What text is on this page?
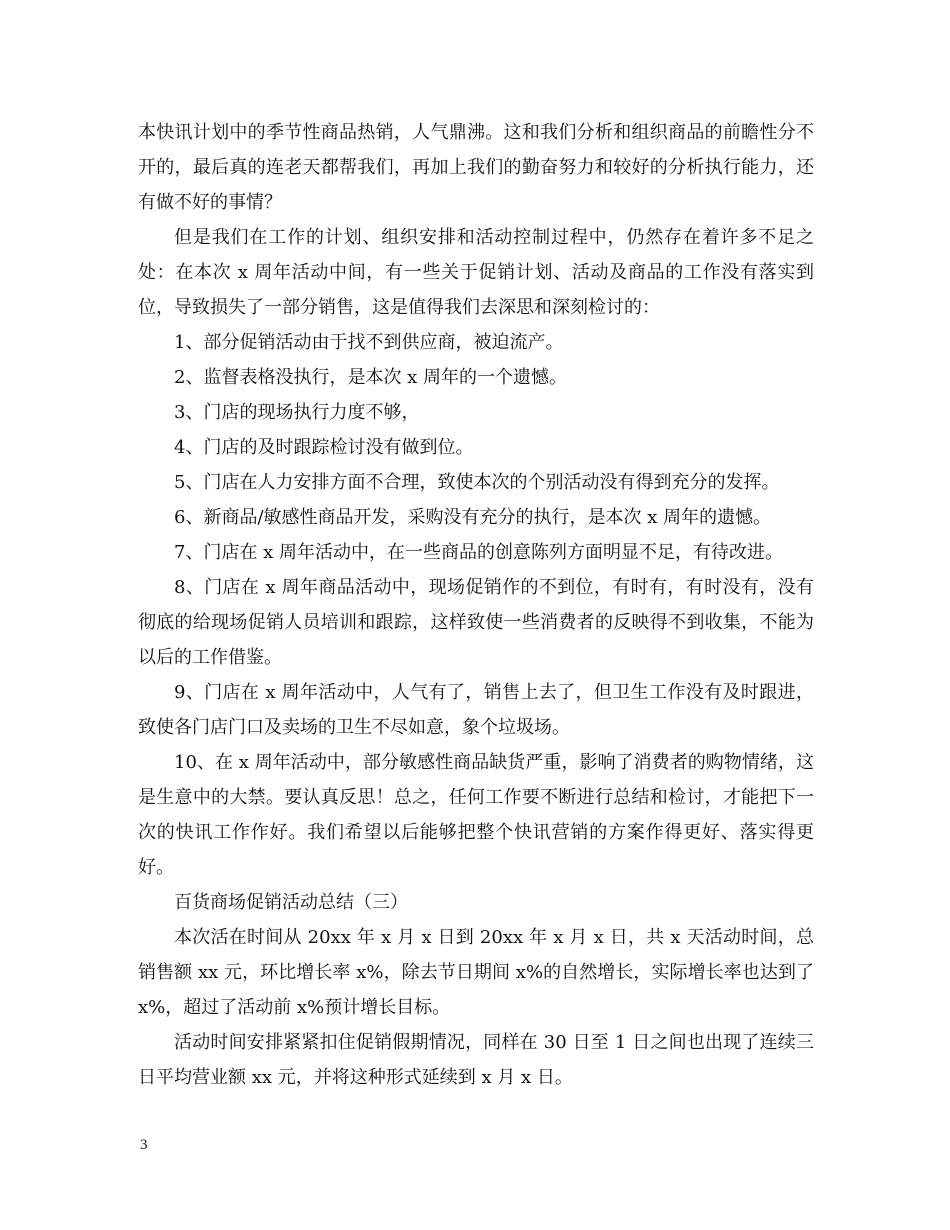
本快讯计划中的季节性商品热销，人气鼎沸。这和我们分析和组织商品的前瞻性分不开的，最后真的连老天都帮我们，再加上我们的勤奋努力和较好的分析执行能力，还有做不好的事情？

但是我们在工作的计划、组织安排和活动控制过程中，仍然存在着许多不足之处：在本次 x 周年活动中间，有一些关于促销计划、活动及商品的工作没有落实到位，导致损失了一部分销售，这是值得我们去深思和深刻检讨的：

1、部分促销活动由于找不到供应商，被迫流产。

2、监督表格没执行，是本次 x 周年的一个遗憾。

3、门店的现场执行力度不够，

4、门店的及时跟踪检讨没有做到位。

5、门店在人力安排方面不合理，致使本次的个别活动没有得到充分的发挥。

6、新商品/敏感性商品开发，采购没有充分的执行，是本次 x 周年的遗憾。

7、门店在 x 周年活动中，在一些商品的创意陈列方面明显不足，有待改进。

8、门店在 x 周年商品活动中，现场促销作的不到位，有时有，有时没有，没有彻底的给现场促销人员培训和跟踪，这样致使一些消费者的反映得不到收集，不能为以后的工作借鉴。

9、门店在 x 周年活动中，人气有了，销售上去了，但卫生工作没有及时跟进，致使各门店门口及卖场的卫生不尽如意，象个垃圾场。

10、在 x 周年活动中，部分敏感性商品缺货严重，影响了消费者的购物情绪，这是生意中的大禁。要认真反思！总之，任何工作要不断进行总结和检讨，才能把下一次的快讯工作作好。我们希望以后能够把整个快讯营销的方案作得更好、落实得更好。

百货商场促销活动总结（三）

本次活在时间从 20xx 年 x 月 x 日到 20xx 年 x 月 x 日，共 x 天活动时间，总销售额 xx 元，环比增长率 x%，除去节日期间 x%的自然增长，实际增长率也达到了 x%，超过了活动前 x%预计增长目标。

活动时间安排紧紧扣住促销假期情况，同样在 30 日至 1 日之间也出现了连续三日平均营业额 xx 元，并将这种形式延续到 x 月 x 日。

3
